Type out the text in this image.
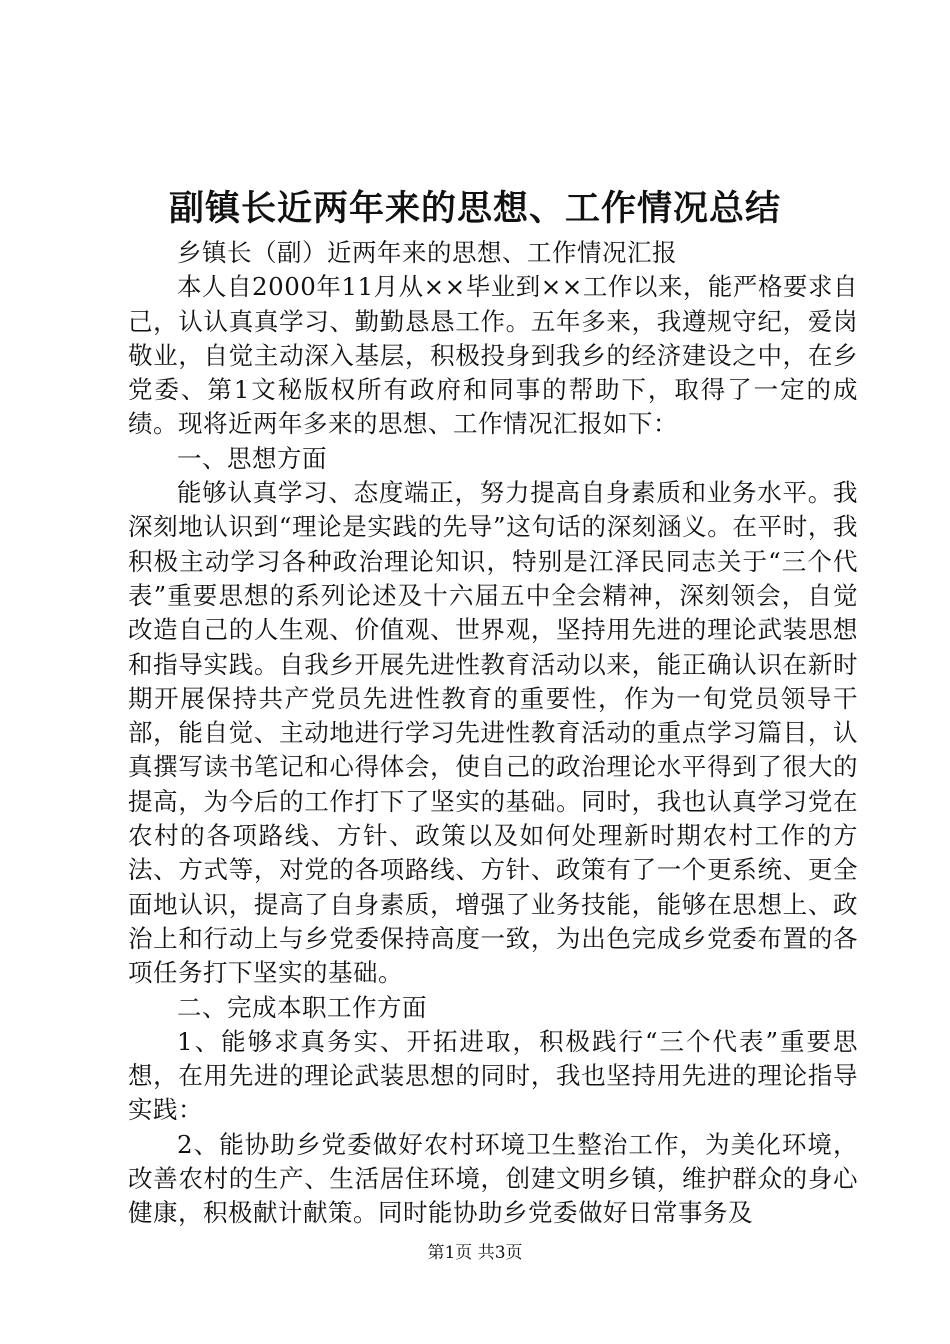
副镇长近两年来的思想、工作情况总结

乡镇长（副）近两年来的思想、工作情况汇报

本人自2000年11月从××毕业到××工作以来，能严格要求自己，认认真真学习、勤勤恳恳工作。五年多来，我遵规守纪，爱岗敬业，自觉主动深入基层，积极投身到我乡的经济建设之中，在乡党委、第1文秘版权所有政府和同事的帮助下，取得了一定的成绩。现将近两年多来的思想、工作情况汇报如下：

一、思想方面

能够认真学习、态度端正，努力提高自身素质和业务水平。我深刻地认识到“理论是实践的先导”这句话的深刻涵义。在平时，我积极主动学习各种政治理论知识，特别是江泽民同志关于“三个代表”重要思想的系列论述及十六届五中全会精神，深刻领会，自觉改造自己的人生观、价值观、世界观，坚持用先进的理论武装思想和指导实践。自我乡开展先进性教育活动以来，能正确认识在新时期开展保持共产党员先进性教育的重要性，作为一旬党员领导干部，能自觉、主动地进行学习先进性教育活动的重点学习篇目，认真撰写读书笔记和心得体会，使自己的政治理论水平得到了很大的提高，为今后的工作打下了坚实的基础。同时，我也认真学习党在农村的各项路线、方针、政策以及如何处理新时期农村工作的方法、方式等，对党的各项路线、方针、政策有了一个更系统、更全面地认识，提高了自身素质，增强了业务技能，能够在思想上、政治上和行动上与乡党委保持高度一致，为出色完成乡党委布置的各项任务打下坚实的基础。

二、完成本职工作方面

1、能够求真务实、开拓进取，积极践行“三个代表”重要思想，在用先进的理论武装思想的同时，我也坚持用先进的理论指导实践：

2、能协助乡党委做好农村环境卫生整治工作，为美化环境，改善农村的生产、生活居住环境，创建文明乡镇，维护群众的身心健康，积极献计献策。同时能协助乡党委做好日常事务及

第1页 共3页
